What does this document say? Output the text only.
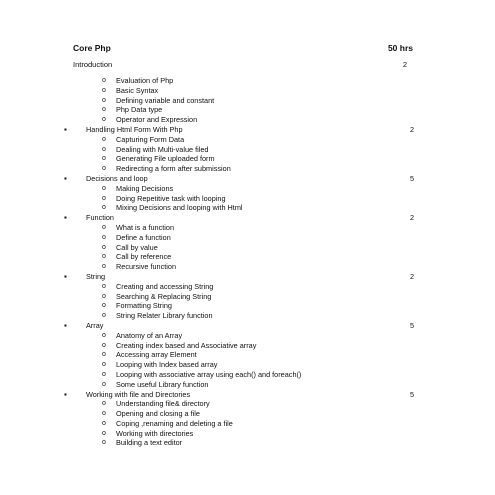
Core Php	50 hrs
Introduction	2
o	Evaluation of Php
o	Basic Syntax
o	Defining variable and constant
o	Php Data type
o	Operator and Expression
▪	Handling Html Form With Php	2
o	Capturing Form Data
o	Dealing with Multi-value filed
o	Generating File uploaded form
o	Redirecting a form after submission
▪	Decisions and loop	5
o	Making Decisions
o	Doing Repetitive task with looping
o	Mixing Decisions and looping with Html
▪	Function	2
o	What is a function
o	Define a function
o	Call by value
o	Call by reference
o	Recursive function
▪	String	2
o	Creating and accessing String
o	Searching & Replacing String
o	Formatting String
o	String Relater Library function
▪	Array	5
o	Anatomy of an Array
o	Creating index based and Associative array
o	Accessing array Element
o	Looping with Index based array
o	Looping with associative array using each() and foreach()
o	Some useful Library function
▪	Working with file and Directories	5
o	Understanding file& directory
o	Opening and closing a file
o	Coping ,renaming and deleting a file
o	Working with directories
o	Building a text editor
